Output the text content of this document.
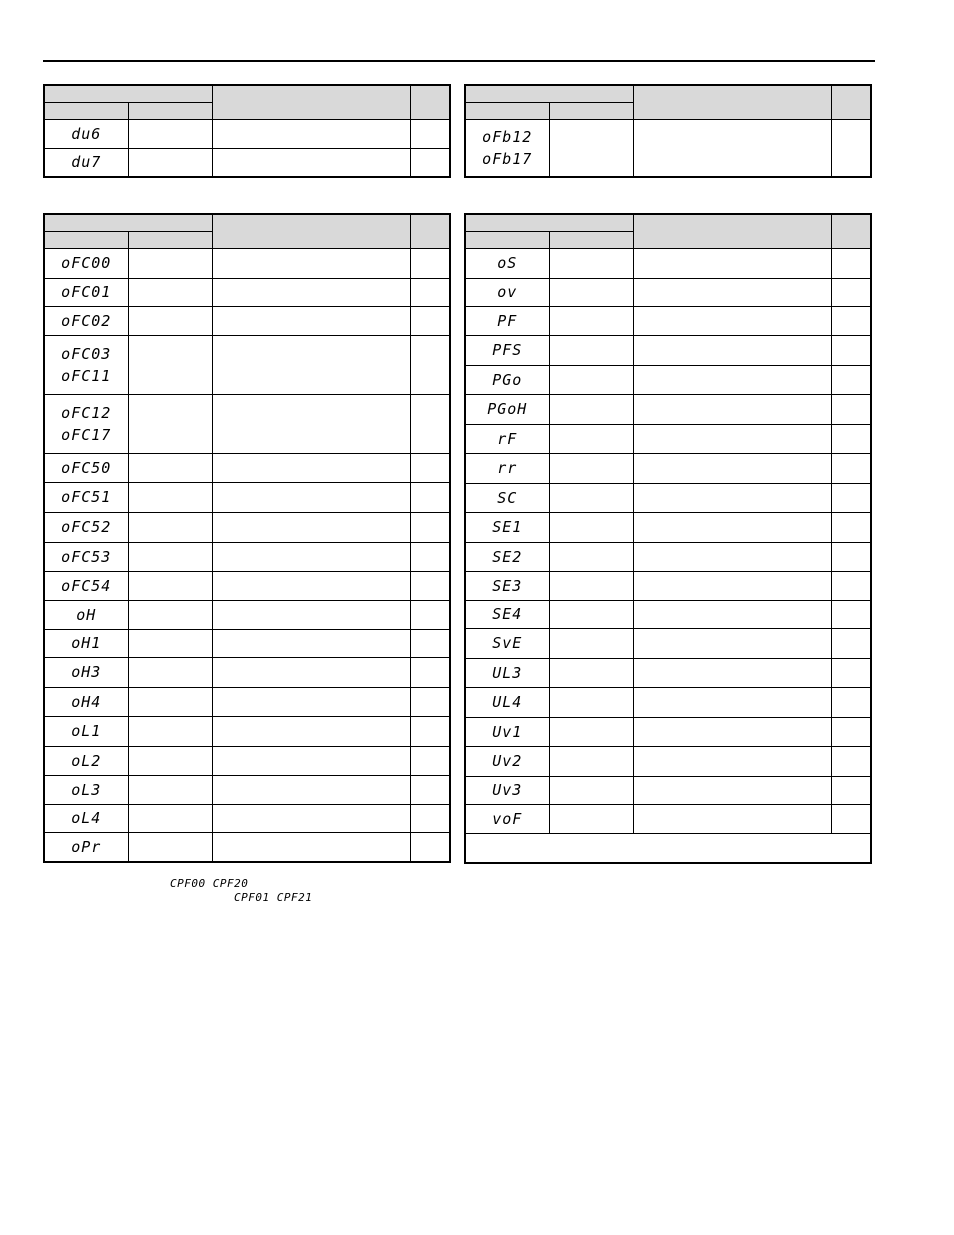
du6			

du7			

oFb12
oFb17			

oFC00			

oFC01			

oFC02			

oFC03
oFC11			

oFC12
oFC17			

oFC50			

oFC51			

oFC52			

oFC53			

oFC54			

oH			

oH1			

oH3			

oH4			

oL1			

oL2			

oL3			

oL4			

oPr			

oS			

ov			

PF			

PFS			

PGo			

PGoH			

rF			

rr			

SC			

SE1			

SE2			

SE3			

SE4			

SvE			

UL3			

UL4			

Uv1			

Uv2			

Uv3			

voF			

CPF00 CPF20
CPF01 CPF21
